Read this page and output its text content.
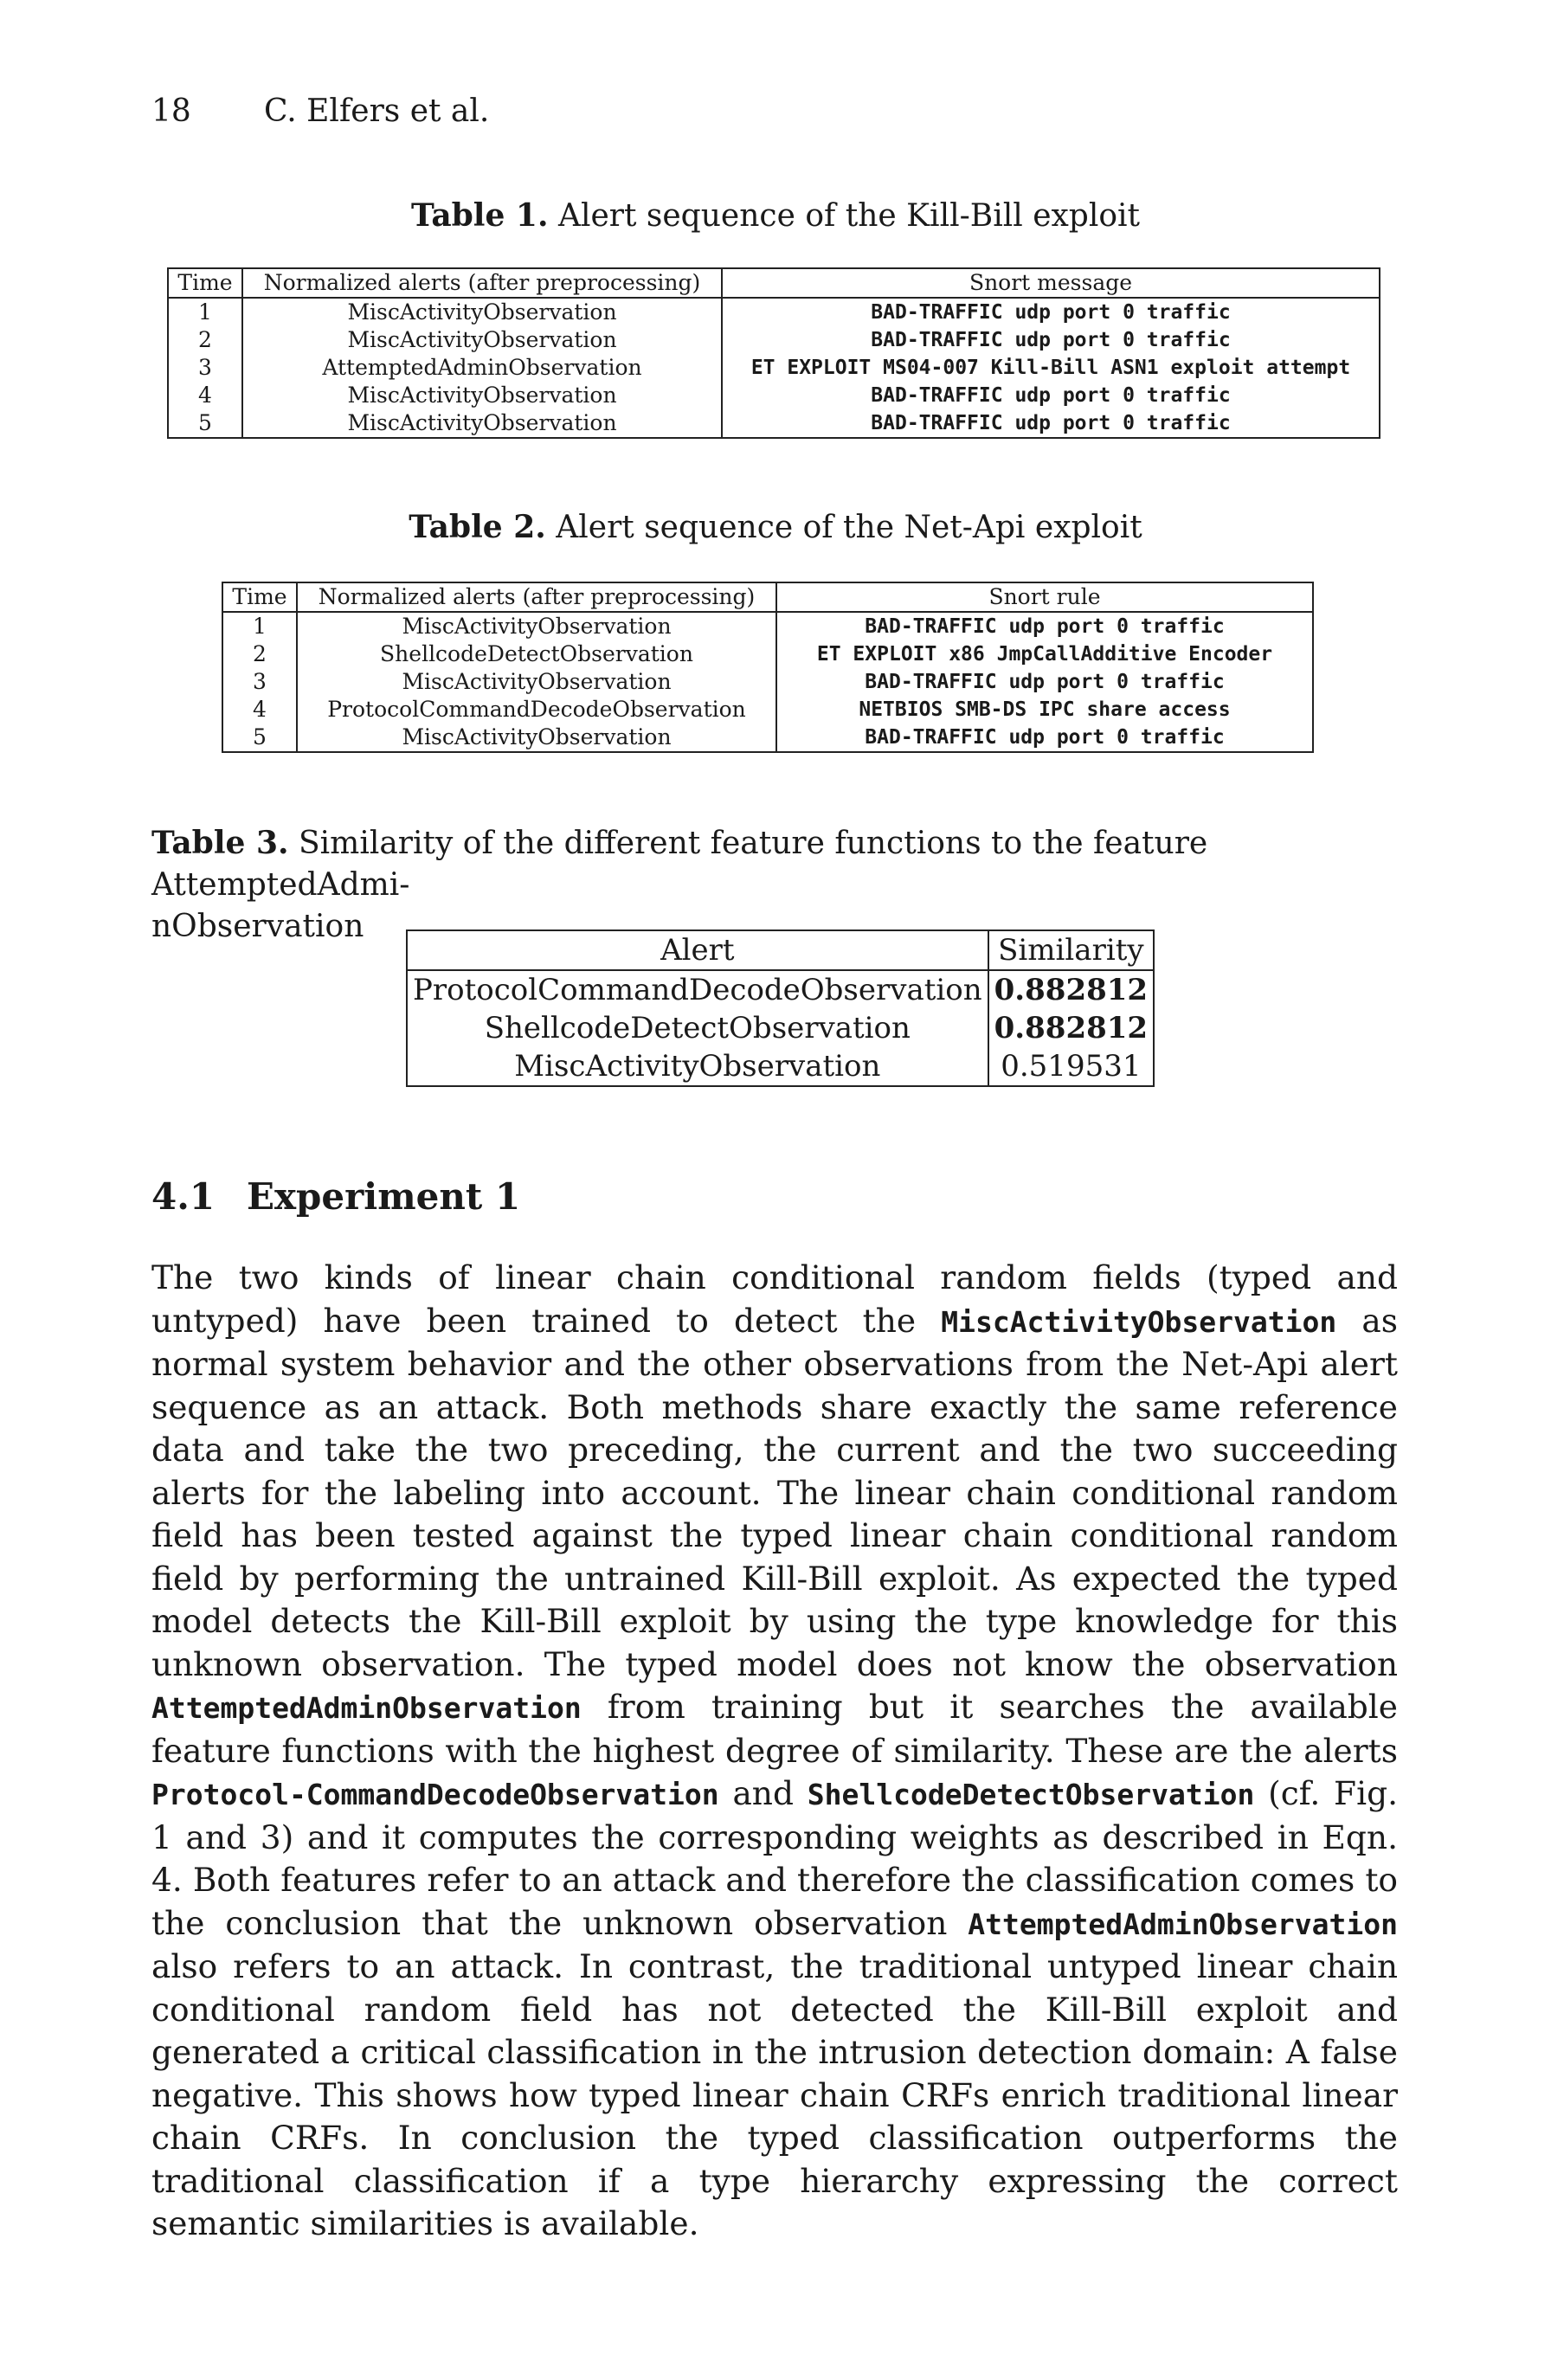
18 C. Elfers et al.
Table 1. Alert sequence of the Kill-Bill exploit
Time	Normalized alerts (after preprocessing)	Snort message
1	MiscActivityObservation	BAD-TRAFFIC udp port 0 traffic
2	MiscActivityObservation	BAD-TRAFFIC udp port 0 traffic
3	AttemptedAdminObservation	ET EXPLOIT MS04-007 Kill-Bill ASN1 exploit attempt
4	MiscActivityObservation	BAD-TRAFFIC udp port 0 traffic
5	MiscActivityObservation	BAD-TRAFFIC udp port 0 traffic
Table 2. Alert sequence of the Net-Api exploit
Time	Normalized alerts (after preprocessing)	Snort rule
1	MiscActivityObservation	BAD-TRAFFIC udp port 0 traffic
2	ShellcodeDetectObservation	ET EXPLOIT x86 JmpCallAdditive Encoder
3	MiscActivityObservation	BAD-TRAFFIC udp port 0 traffic
4	ProtocolCommandDecodeObservation	NETBIOS SMB-DS IPC share access
5	MiscActivityObservation	BAD-TRAFFIC udp port 0 traffic
Table 3. Similarity of the different feature functions to the feature AttemptedAdmi-
nObservation
Alert	Similarity
ProtocolCommandDecodeObservation	0.882812
ShellcodeDetectObservation	0.882812
MiscActivityObservation	0.519531
4.1 Experiment 1
The two kinds of linear chain conditional random fields (typed and untyped) have been trained to detect the MiscActivityObservation as normal system behavior and the other observations from the Net-Api alert sequence as an attack. Both methods share exactly the same reference data and take the two preceding, the current and the two succeeding alerts for the labeling into account. The linear chain conditional random field has been tested against the typed linear chain conditional random field by performing the untrained Kill-Bill exploit. As expected the typed model detects the Kill-Bill exploit by using the type knowledge for this unknown observation. The typed model does not know the observation AttemptedAdminObservation from training but it searches the available feature functions with the highest degree of similarity. These are the alerts Protocol-CommandDecodeObservation and ShellcodeDetectObservation (cf. Fig. 1 and 3) and it computes the corresponding weights as described in Eqn. 4. Both features refer to an attack and therefore the classification comes to the conclusion that the unknown observation AttemptedAdminObservation also refers to an attack. In contrast, the traditional untyped linear chain conditional random field has not detected the Kill-Bill exploit and generated a critical classification in the intrusion detection domain: A false negative. This shows how typed linear chain CRFs enrich traditional linear chain CRFs. In conclusion the typed classification outperforms the traditional classification if a type hierarchy expressing the correct semantic similarities is available.
